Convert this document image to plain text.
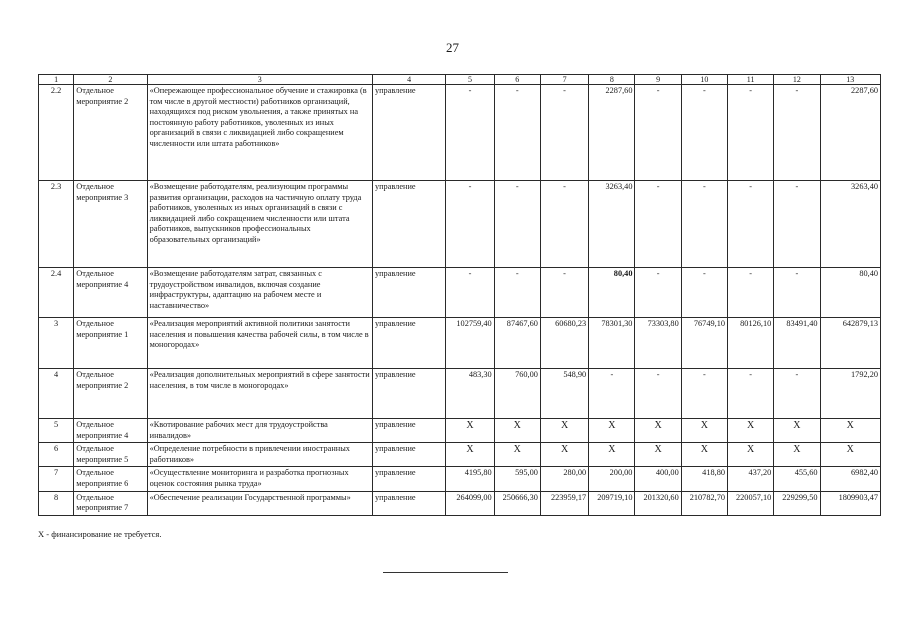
27
1	2	3	4	5	6	7	8	9	10	11	12	13
2.2	Отдельное мероприятие 2	«Опережающее профессиональное обучение и стажировка (в том числе в другой местности) работников организаций, находящихся под риском увольнения, а также принятых на постоянную работу работников, уволенных из иных организаций в связи с ликвидацией либо сокращением численности или штата работников»	управление	-	-	-	2287,60	-	-	-	-	2287,60
2.3	Отдельное мероприятие 3	«Возмещение работодателям, реализующим программы развития организации, расходов на частичную оплату труда работников, уволенных из иных организаций в связи с ликвидацией либо сокращением численности или штата работников, выпускников профессиональных образовательных организаций»	управление	-	-	-	3263,40	-	-	-	-	3263,40
2.4	Отдельное мероприятие 4	«Возмещение работодателям затрат, связанных с трудоустройством инвалидов, включая создание инфраструктуры, адаптацию на рабочем месте и наставничество»	управление	-	-	-	80,40	-	-	-	-	80,40
3	Отдельное мероприятие 1	«Реализация мероприятий активной политики занятости населения и повышения качества рабочей силы, в том числе в моногородах»	управление	102759,40	87467,60	60680,23	78301,30	73303,80	76749,10	80126,10	83491,40	642879,13
4	Отдельное мероприятие 2	«Реализация дополнительных мероприятий в сфере занятости населения, в том числе в моногородах»	управление	483,30	760,00	548,90	-	-	-	-	-	1792,20
5	Отдельное мероприятие 4	«Квотирование рабочих мест для трудоустройства инвалидов»	управление	X	X	X	X	X	X	X	X	X
6	Отдельное мероприятие 5	«Определение потребности в привлечении иностранных работников»	управление	X	X	X	X	X	X	X	X	X
7	Отдельное мероприятие 6	«Осуществление мониторинга и разработка прогнозных оценок состояния рынка труда»	управление	4195,80	595,00	280,00	200,00	400,00	418,80	437,20	455,60	6982,40
8	Отдельное мероприятие 7	«Обеспечение реализации Государственной программы»	управление	264099,00	250666,30	223959,17	209719,10	201320,60	210782,70	220057,10	229299,50	1809903,47
Х - финансирование не требуется.
